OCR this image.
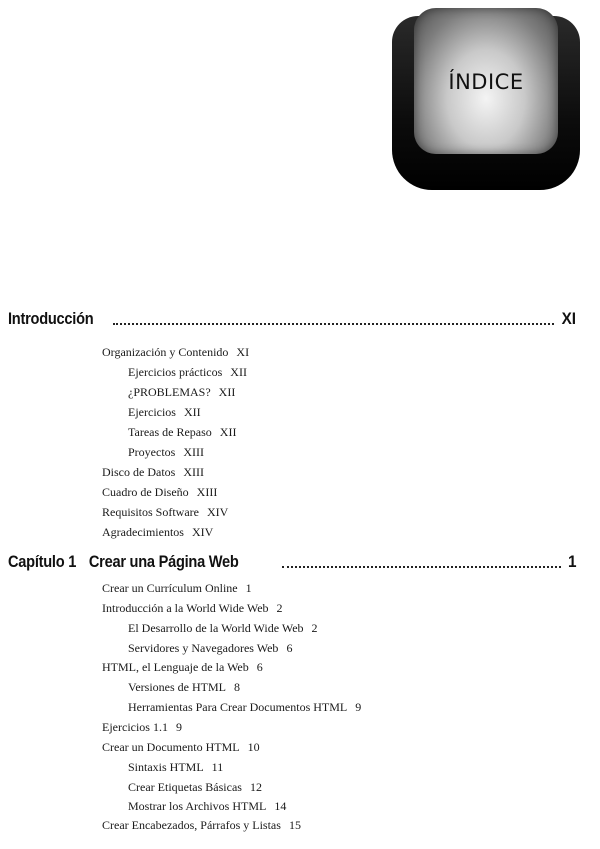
ÍNDICE
Introducción	XI
Organización y Contenido XI
Ejercicios prácticos XII
¿PROBLEMAS? XII
Ejercicios XII
Tareas de Repaso XII
Proyectos XIII
Disco de Datos XIII
Cuadro de Diseño XIII
Requisitos Software XIV
Agradecimientos XIV
Capítulo 1 Crear una Página Web	1
Crear un Currículum Online 1
Introducción a la World Wide Web 2
El Desarrollo de la World Wide Web 2
Servidores y Navegadores Web 6
HTML, el Lenguaje de la Web 6
Versiones de HTML 8
Herramientas Para Crear Documentos HTML 9
Ejercicios 1.1 9
Crear un Documento HTML 10
Sintaxis HTML 11
Crear Etiquetas Básicas 12
Mostrar los Archivos HTML 14
Crear Encabezados, Párrafos y Listas 15
